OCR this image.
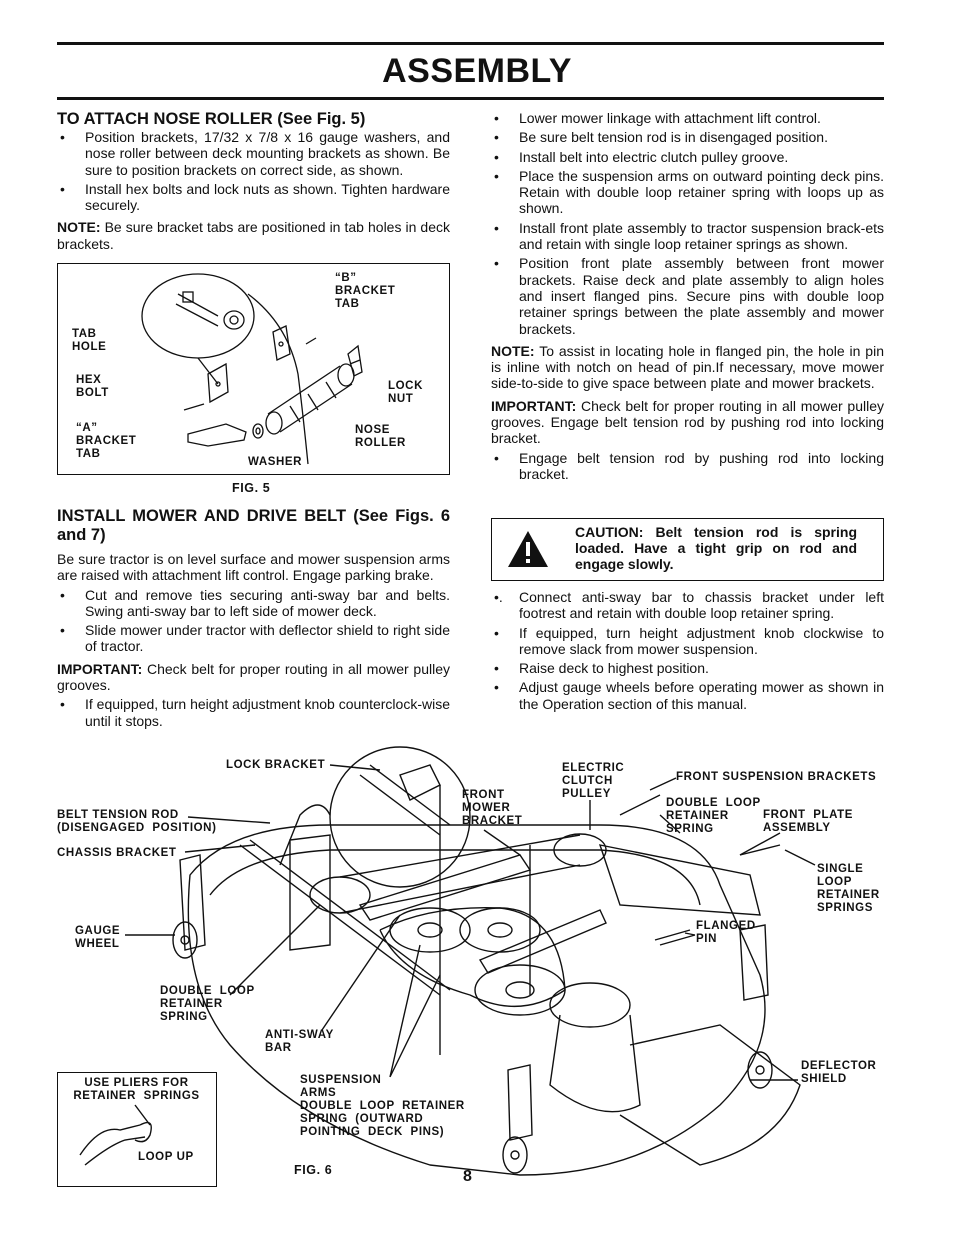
ASSEMBLY
TO ATTACH NOSE ROLLER (See Fig. 5)
• Position brackets, 17/32 x 7/8 x 16 gauge washers, and nose roller between deck mounting brackets as shown. Be sure to position brackets on correct side, as shown.
• Install hex bolts and lock nuts as shown. Tighten hardware securely.
NOTE: Be sure bracket tabs are positioned in tab holes in deck brackets.
“B”
BRACKET
TAB
TAB
HOLE
HEX
BOLT
LOCK
NUT
“A”
BRACKET
TAB
NOSE
ROLLER
WASHER
FIG. 5
INSTALL MOWER AND DRIVE BELT (See Figs. 6 and 7)
Be sure tractor is on level surface and mower suspension arms are raised with attachment lift control. Engage parking brake.
• Cut and remove ties securing anti-sway bar and belts. Swing anti-sway bar to left side of mower deck.
• Slide mower under tractor with deflector shield to right side of tractor.
IMPORTANT: Check belt for proper routing in all mower pulley grooves.
• If equipped, turn height adjustment knob counterclock-wise until it stops.
• Lower mower linkage with attachment lift control.
• Be sure belt tension rod is in disengaged position.
• Install belt into electric clutch pulley groove.
• Place the suspension arms on outward pointing deck pins. Retain with double loop retainer spring with loops up as shown.
• Install front plate assembly to tractor suspension brack-ets and retain with single loop retainer springs as shown.
• Position front plate assembly between front mower brackets. Raise deck and plate assembly to align holes and insert flanged pins. Secure pins with double loop retainer springs between the plate assembly and mower brackets.
NOTE: To assist in locating hole in flanged pin, the hole in pin is inline with notch on head of pin.If necessary, move mower side-to-side to give space between plate and mower brackets.
IMPORTANT: Check belt for proper routing in all mower pulley grooves. Engage belt tension rod by pushing rod into locking bracket.
• Engage belt tension rod by pushing rod into locking bracket.
CAUTION: Belt tension rod is spring loaded. Have a tight grip on rod and engage slowly.
•. Connect anti-sway bar to chassis bracket under left footrest and retain with double loop retainer spring.
• If equipped, turn height adjustment knob clockwise to remove slack from mower suspension.
• Raise deck to highest position.
• Adjust gauge wheels before operating mower as shown in the Operation section of this manual.
LOCK BRACKET
BELT TENSION ROD
(DISENGAGED  POSITION)
CHASSIS BRACKET
FRONT
MOWER
BRACKET
ELECTRIC
CLUTCH
PULLEY
FRONT SUSPENSION BRACKETS
DOUBLE  LOOP
RETAINER
SPRING
FRONT  PLATE
ASSEMBLY
SINGLE
LOOP
RETAINER
SPRINGS
GAUGE
WHEEL
FLANGED
PIN
DOUBLE  LOOP
RETAINER
SPRING
ANTI-SWAY
BAR
SUSPENSION
ARMS
DOUBLE  LOOP  RETAINER
SPRING  (OUTWARD
POINTING  DECK  PINS)
DEFLECTOR
SHIELD
USE PLIERS FOR
RETAINER  SPRINGS
LOOP UP
FIG. 6	8
